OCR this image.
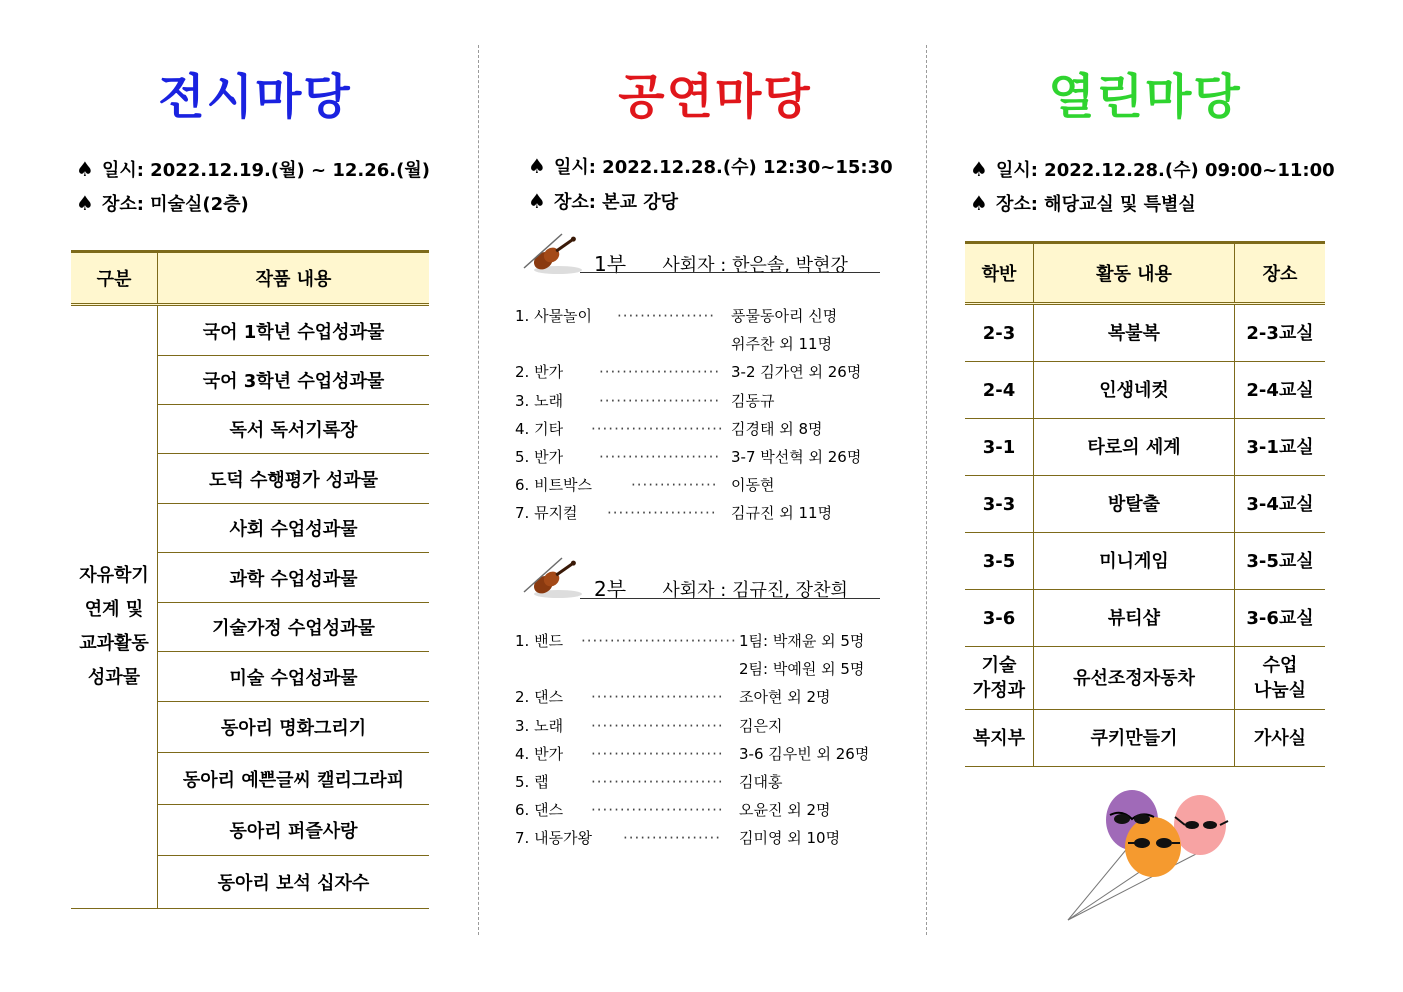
전시마당
♠ 일시: 2022.12.19.(월) ~ 12.26.(월)
♠ 장소: 미술실(2층)
구분	작품 내용

자유학기
연계 및
교과활동
성과물	국어 1학년 수업성과물
	국어 3학년 수업성과물
	독서 독서기록장
	도덕 수행평가 성과물
	사회 수업성과물
	과학 수업성과물
	기술가정 수업성과물
	미술 수업성과물
	동아리 명화그리기
	동아리 예쁜글씨 캘리그라피
	동아리 퍼즐사랑
	동아리 보석 십자수
공연마당
♠ 일시: 2022.12.28.(수) 12:30~15:30
♠ 장소: 본교 강당
1부 사회자 : 한은솔, 박현강
1. 사물놀이 ················· 풍물동아리 신명
위주찬 외 11명
2. 반가 ····················· 3-2 김가연 외 26명
3. 노래 ····················· 김동규
4. 기타 ······················· 김경태 외 8명
5. 반가 ····················· 3-7 박선혁 외 26명
6. 비트박스	··············· 이동현
7. 뮤지컬 ··················· 김규진 외 11명
2부 사회자 : 김규진, 장찬희
1. 밴드 ··························· 1팀: 박재윤 외 5명
2팀: 박예원 외 5명
2. 댄스 ······················· 조아현 외 2명
3. 노래 ······················· 김은지
4. 반가 ······················· 3-6 김우빈 외 26명
5. 랩	······················· 김대홍
6. 댄스 ······················· 오윤진 외 2명
7. 내동가왕 ················· 김미영 외 10명
열린마당
♠ 일시: 2022.12.28.(수) 09:00~11:00
♠ 장소: 해당교실 및 특별실
학반	활동 내용	장소
2-3	복불복	2-3교실
2-4	인생네컷	2-4교실
3-1	타로의 세계	3-1교실
3-3	방탈출	3-4교실
3-5	미니게임	3-5교실
3-6	뷰티샵	3-6교실
기술
가정과	유선조정자동차	수업
나눔실
복지부	쿠키만들기	가사실
